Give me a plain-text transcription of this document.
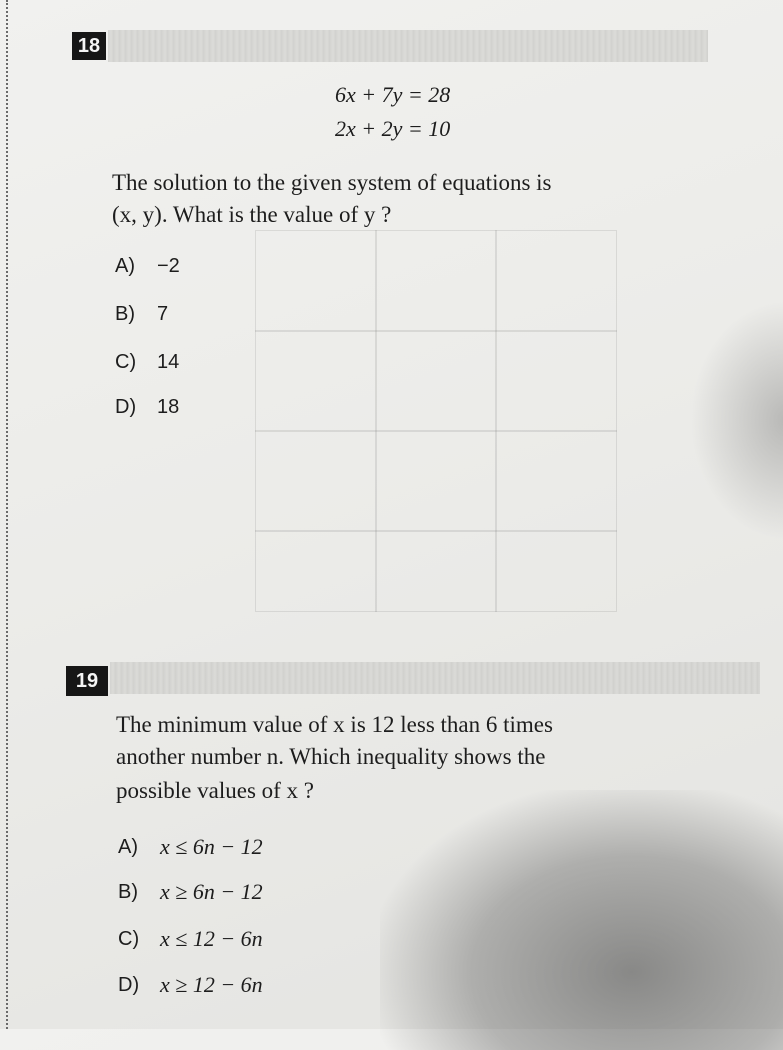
18
6x + 7y = 28
2x + 2y = 10
The solution to the given system of equations is
(x, y). What is the value of y ?
A)	−2
B)	7
C)	14
D)	18
19
The minimum value of x is 12 less than 6 times
another number n. Which inequality shows the
possible values of x ?
A)	x ≤ 6n − 12
B)	x ≥ 6n − 12
C) x ≤ 12 − 6n
D) x ≥ 12 − 6n
